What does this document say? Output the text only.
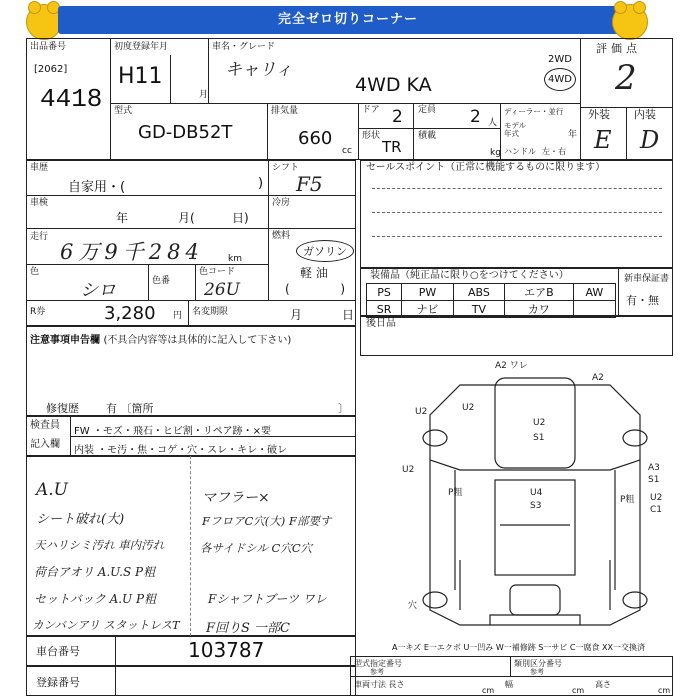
完全ゼロ切りコーナー
出品番号
[2062]
4418
初度登録年月
H11
月
車名・グレード
キャリィ
4WD KA
2WD
4WD
評価点
2
外装 内装
E D
型式
GD-DB52T
排気量
660
cc
ドア 2 定員 2 人
ディーラー・並行
モデル年式	年
ハンドル 左・右
形状
TR
積載
kg
車歴
自家用・(	)
シフト
F5
車検
年	月(	日)
冷房
走行
6万9千284	km
燃料
ガソリン
軽 油
(	)
色
シロ	色番
色コード
26U
R券	3,280 円 名変期限	月	日
セールスポイント（正常に機能するものに限ります）
装備品（純正品に限り○をつけてください）
PS	PW	ABS	エアB	AW
SR	ナビ	TV	カワ	
新車保証書
有・無
後日品
注意事項申告欄 (不具合内容等は具体的に記入して下さい)
修復歴 有 〔箇所	〕
検査員
記入欄
FW ・モズ・飛石・ヒビ割・リペア跡・×要
内装 ・モ汚・焦・コゲ・穴・スレ・キレ・破レ
A.U
シート破れ(大)
天ハリシミ汚れ 車内汚れ
荷台アオリ A.U.S P粗
セットバック A.U P粗
カンバンアリ スタットレスT
マフラー×
FフロアC穴(大) F部要す
各サイドシル C穴C穴
Fシャフトブーツ ワレ
F回りS 一部C
車台番号	103787
登録番号
型式指定番号
参考
類別区分番号
参考
車両寸法 長さ	幅	高さ
cm	cm	cm
A一キズ E一エクボ U一凹み W一補修跡 S一サビ C一腐食 XX一交換済
A2 ワレ
A2
U2	U2
U2
S1
U2	A3
S1
U4
S3
P粗
P粗 U2
C1
穴
